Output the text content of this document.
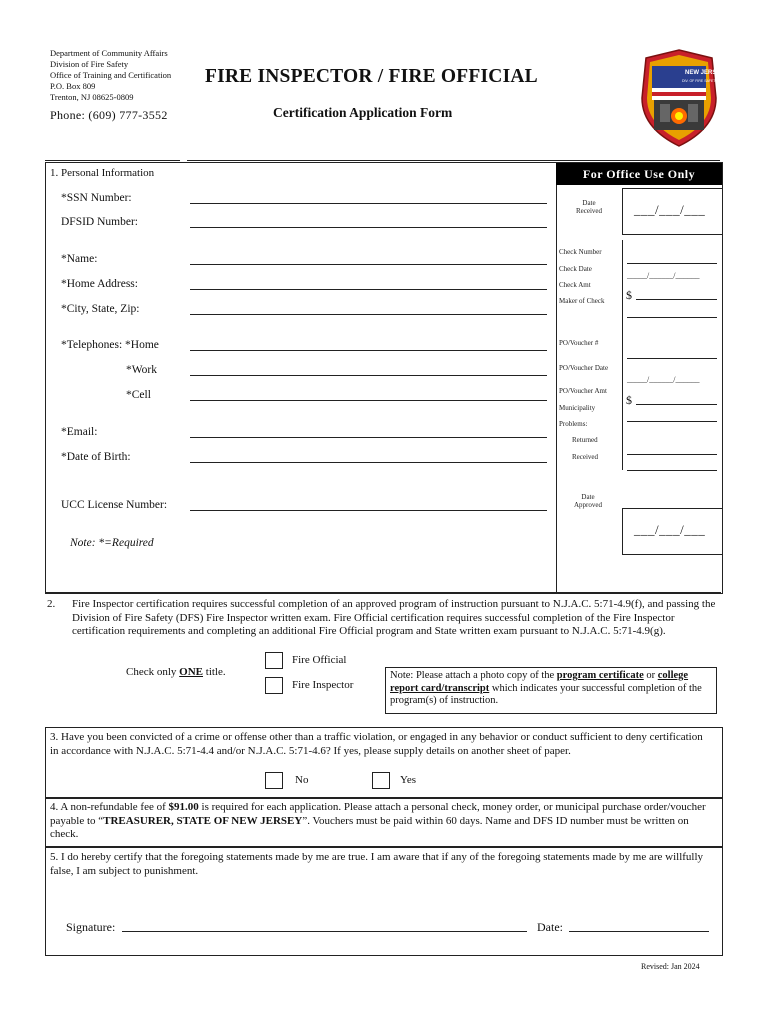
Department of Community Affairs
Division of Fire Safety
Office of Training and Certification
P.O. Box 809
Trenton, NJ 08625-0809
Phone: (609) 777-3552
FIRE INSPECTOR / FIRE OFFICIAL
Certification Application Form
NEW JERSEY
DIV. OF FIRE SAFETY
1. Personal Information
*SSN Number:
DFSID Number:
*Name:
*Home Address:
*City, State, Zip:
*Telephones: *Home
*Work
*Cell
*Email:
*Date of Birth:
UCC License Number:
Note: *=Required
For Office Use Only
Date Received ___/___/___
Check Number
Check Date
_____/______/______
Check Amt
$
Maker of Check
PO/Voucher #
PO/Voucher Date
_____/______/______
PO/Voucher Amt
$
Municipality
Problems:
Returned
Received
Date Approved
___/___/___
2. Fire Inspector certification requires successful completion of an approved program of instruction pursuant to N.J.A.C. 5:71-4.9(f), and passing the Division of Fire Safety (DFS) Fire Inspector written exam. Fire Official certification requires successful completion of the Fire Inspector certification requirements and completing an additional Fire Official program and State written exam pursuant to N.J.A.C. 5:71-4.9(g).
Check only ONE title.
Fire Official
Fire Inspector
Note: Please attach a photo copy of the program certificate or college report card/transcript which indicates your successful completion of the program(s) of instruction.
3. Have you been convicted of a crime or offense other than a traffic violation, or engaged in any behavior or conduct sufficient to deny certification in accordance with N.J.A.C. 5:71-4.4 and/or N.J.A.C. 5:71-4.6? If yes, please supply details on another sheet of paper.
No	Yes
4. A non-refundable fee of $91.00 is required for each application. Please attach a personal check, money order, or municipal purchase order/voucher payable to “TREASURER, STATE OF NEW JERSEY”. Vouchers must be paid within 60 days. Name and DFS ID number must be written on check.
5. I do hereby certify that the foregoing statements made by me are true. I am aware that if any of the foregoing statements made by me are willfully false, I am subject to punishment.
Signature:	Date:
Revised: Jan 2024
